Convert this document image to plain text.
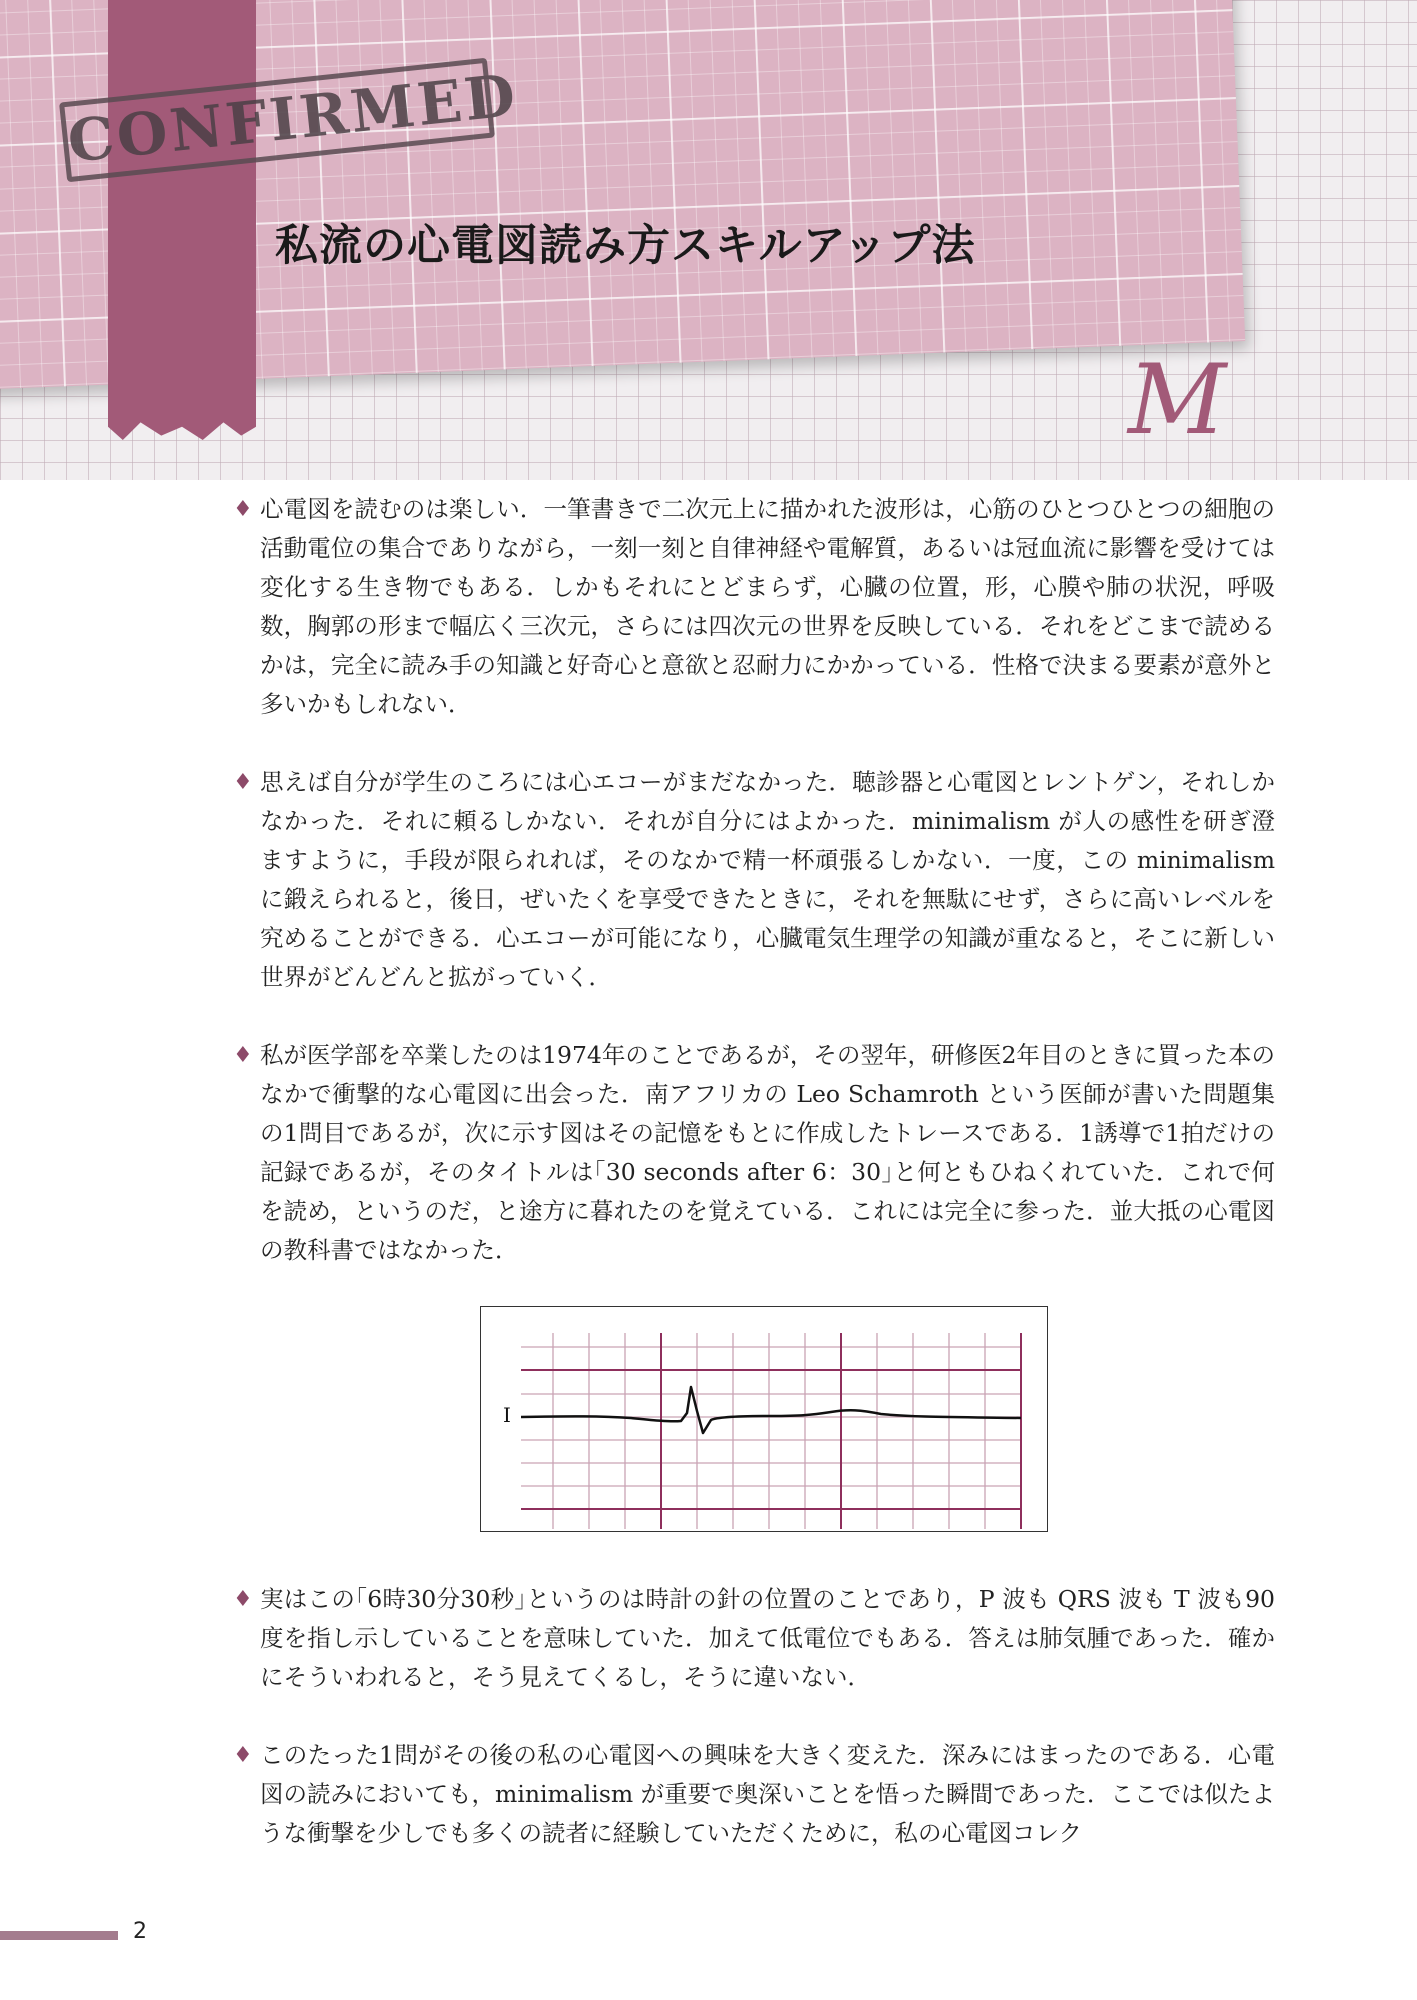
CONFIRMED
私流の心電図読み方スキルアップ法
M
♦ 心電図を読むのは楽しい．一筆書きで二次元上に描かれた波形は，心筋のひとつひとつの細胞の活動電位の集合でありながら，一刻一刻と自律神経や電解質，あるいは冠血流に影響を受けては変化する生き物でもある．しかもそれにとどまらず，心臓の位置，形，心膜や肺の状況，呼吸数，胸郭の形まで幅広く三次元，さらには四次元の世界を反映している．それをどこまで読めるかは，完全に読み手の知識と好奇心と意欲と忍耐力にかかっている．性格で決まる要素が意外と多いかもしれない．
♦ 思えば自分が学生のころには心エコーがまだなかった．聴診器と心電図とレントゲン，それしかなかった．それに頼るしかない．それが自分にはよかった．minimalism が人の感性を研ぎ澄ますように，手段が限られれば，そのなかで精一杯頑張るしかない．一度，この minimalism に鍛えられると，後日，ぜいたくを享受できたときに，それを無駄にせず，さらに高いレベルを究めることができる．心エコーが可能になり，心臓電気生理学の知識が重なると，そこに新しい世界がどんどんと拡がっていく．
♦ 私が医学部を卒業したのは1974年のことであるが，その翌年，研修医2年目のときに買った本のなかで衝撃的な心電図に出会った．南アフリカの Leo Schamroth という医師が書いた問題集の1問目であるが，次に示す図はその記憶をもとに作成したトレースである．1誘導で1拍だけの記録であるが，そのタイトルは｢30 seconds after 6：30｣と何ともひねくれていた．これで何を読め，というのだ，と途方に暮れたのを覚えている．これには完全に参った．並大抵の心電図の教科書ではなかった．
I
♦ 実はこの｢6時30分30秒｣というのは時計の針の位置のことであり，P 波も QRS 波も T 波も90度を指し示していることを意味していた．加えて低電位でもある．答えは肺気腫であった．確かにそういわれると，そう見えてくるし，そうに違いない．
♦ このたった1問がその後の私の心電図への興味を大きく変えた．深みにはまったのである．心電図の読みにおいても，minimalism が重要で奥深いことを悟った瞬間であった．ここでは似たような衝撃を少しでも多くの読者に経験していただくために，私の心電図コレク
2
